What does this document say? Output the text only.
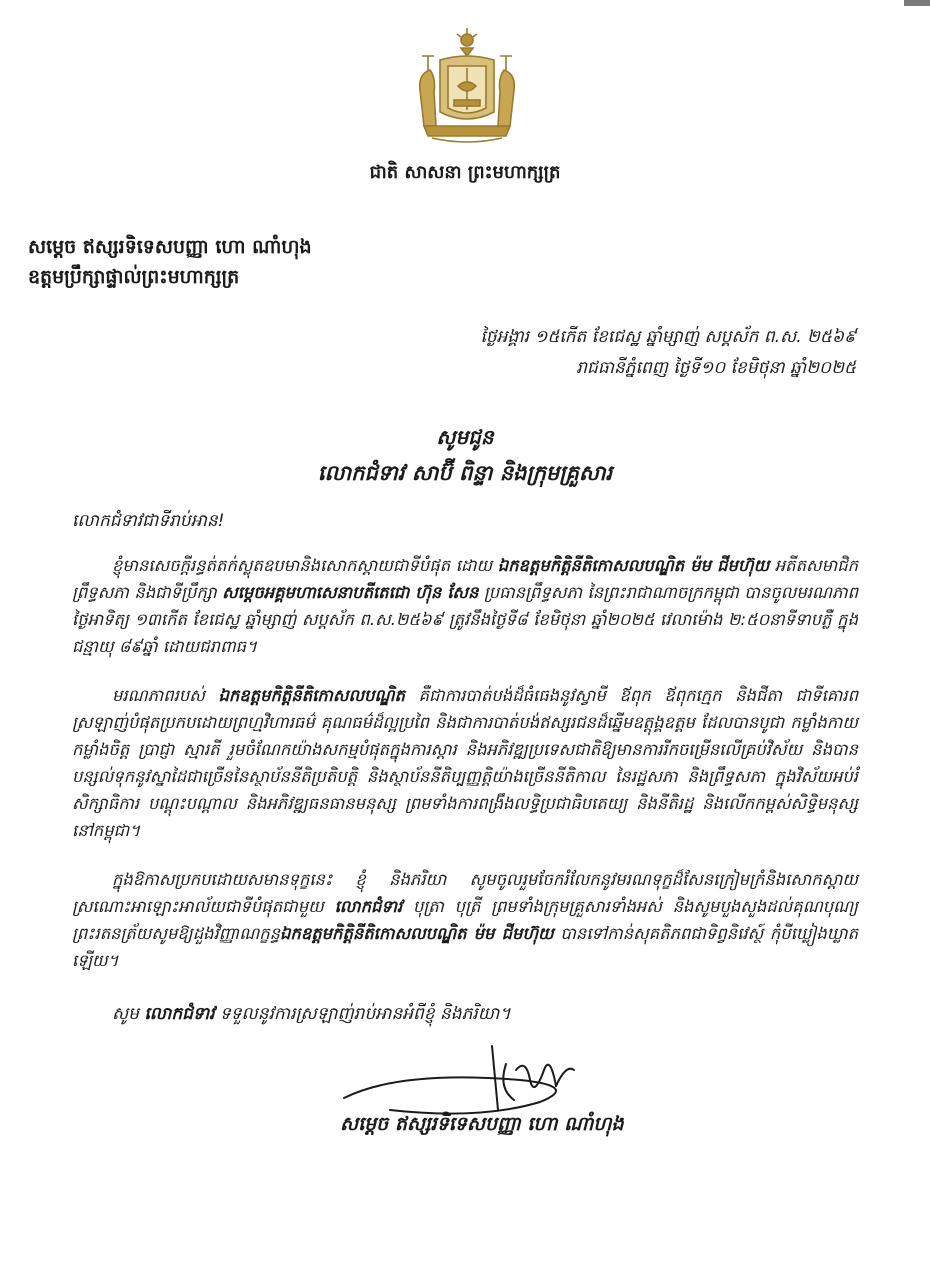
ជាតិ សាសនា ព្រះមហាក្សត្រ
សម្តេច ឥស្សរទិទេសបញ្ញា ហោ ណាំហុង
ឧត្តមប្រឹក្សាផ្ទាល់ព្រះមហាក្សត្រ
ថ្ងៃអង្គារ ១៥កើត ខែជេស្ឋ ឆ្នាំម្សាញ់ សប្តស័ក ព.ស. ២៥៦៩
រាជធានីភ្នំពេញ ថ្ងៃទី១០ ខែមិថុនា ឆ្នាំ២០២៥
សូមជូន
លោកជំទាវ សាប៊ី ពិន្ទា និងក្រុមគ្រួសារ
លោកជំទាវជាទីរាប់អាន!
ខ្ញុំមានសេចក្តីរន្ធត់តក់ស្លុតឧបមានិងសោកស្តាយជាទីបំផុត ដោយ ឯកឧត្តមកិត្តិនីតិកោសលបណ្ឌិត ម៉ម ជីមហ៊ុយ អតីតសមាជិកព្រឹទ្ធសភា និងជាទីប្រឹក្សា សម្តេចអគ្គមហាសេនាបតីតេជោ ហ៊ុន សែន ប្រធានព្រឹទ្ធសភា នៃព្រះរាជាណាចក្រកម្ពុជា បានចូលមរណភាពថ្ងៃអាទិត្យ ១៣កើត ខែជេស្ឋ ឆ្នាំម្សាញ់ សប្តស័ក ព.ស.២៥៦៩ ត្រូវនឹងថ្ងៃទី៨ ខែមិថុនា ឆ្នាំ២០២៥ វេលាម៉ោង ២:៥០នាទីទាបភ្លឺ ក្នុងជន្មាយុ ៨៩ឆ្នាំ ដោយជរាពាធ។
មរណភាពរបស់ ឯកឧត្តមកិត្តិនីតិកោសលបណ្ឌិត គឺជាការបាត់បង់ដ៏ធំធេងនូវស្វាមី ឪពុក ឪពុកក្មេក និងជីតា ជាទីគោរពស្រឡាញ់បំផុតប្រកបដោយព្រហ្មវិហារធម៌ គុណធម៌ដ៏ល្អប្រពៃ និងជាការបាត់បង់ឥស្សរជនដ៏ឆ្នើមឧត្តុង្គឧត្តម ដែលបានបូជា កម្លាំងកាយ កម្លាំងចិត្ត ប្រាជ្ញា ស្មារតី រួមចំណែកយ៉ាងសកម្មបំផុតក្នុងការស្តារ និងអភិវឌ្ឍប្រទេសជាតិឱ្យមានការរីកចម្រើនលើគ្រប់វិស័យ និងបានបន្សល់ទុកនូវស្នាដៃជាច្រើននៃស្ថាប័ននីតិប្រតិបត្តិ និងស្ថាប័ននីតិប្បញ្ញត្តិយ៉ាងច្រើននីតិកាល នៃរដ្ឋសភា និងព្រឹទ្ធសភា ក្នុងវិស័យអប់រំ សិក្សាធិការ បណ្តុះបណ្តាល និងអភិវឌ្ឍធនធានមនុស្ស ព្រមទាំងការពង្រឹងលទ្ធិប្រជាធិបតេយ្យ និងនីតិរដ្ឋ និងលើកកម្ពស់សិទ្ធិមនុស្សនៅកម្ពុជា។
ក្នុងឱកាសប្រកបដោយសមានទុក្ខនេះ ខ្ញុំ និងភរិយា សូមចូលរួមចែករំលែកនូវមរណទុក្ខដ៏សែនក្រៀមក្រំនិងសោកស្តាយស្រណោះអាឡោះអាល័យជាទីបំផុតជាមួយ លោកជំទាវ បុត្រា បុត្រី ព្រមទាំងក្រុមគ្រួសារទាំងអស់ និងសូមបួងសួងដល់គុណបុណ្យព្រះរតនត្រ័យសូមឱ្យដួងវិញ្ញាណក្ខន្ធឯកឧត្តមកិត្តិនីតិកោសលបណ្ឌិត ម៉ម ជីមហ៊ុយ បានទៅកាន់សុគតិភពជាទិព្វនិវេស្ថ៍ កុំបីឃ្លៀងឃ្លាតឡើយ។
សូម លោកជំទាវ ទទួលនូវការស្រឡាញ់រាប់អានអំពីខ្ញុំ និងភរិយា។
សម្តេច ឥស្សរទិទេសបញ្ញា ហោ ណាំហុង
